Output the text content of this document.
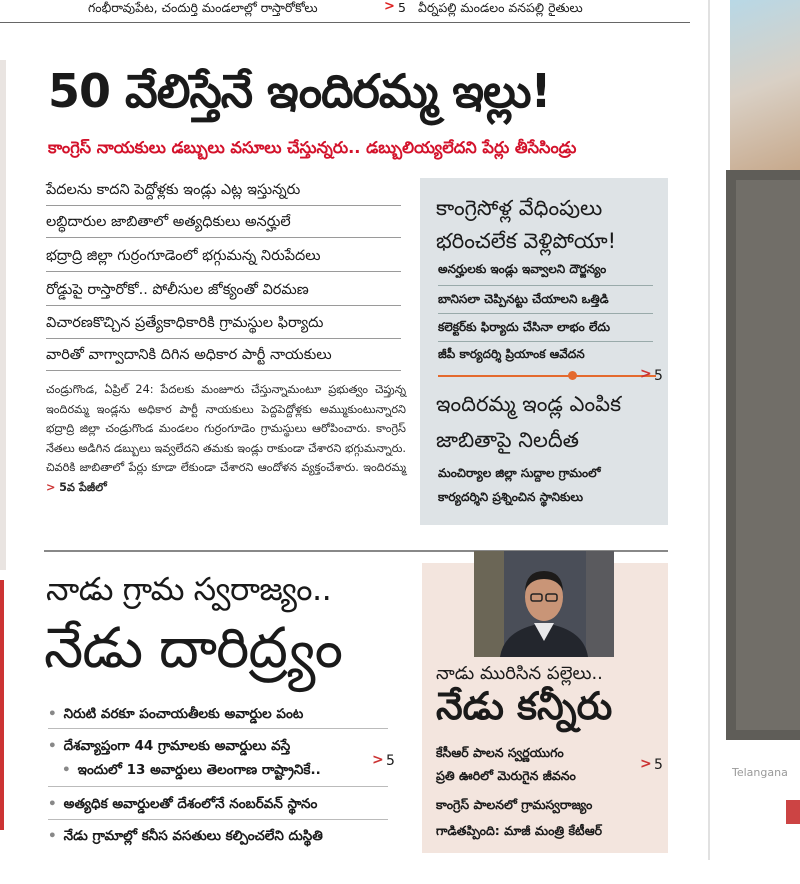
గంభీరావుపేట, చందుర్తి మండలాల్లో రాస్తారోకోలు	> 5 వీర్నపల్లి మండలం వనపల్లి రైతులు
50 వేలిస్తేనే ఇందిరమ్మ ఇల్లు!
కాంగ్రెస్ నాయకులు డబ్బులు వసూలు చేస్తున్నరు.. డబ్బులియ్యలేదని పేర్లు తీసేసిండ్రు
పేదలను కాదని పెద్దోళ్లకు ఇండ్లు ఎట్ల ఇస్తున్నరు
లబ్ధిదారుల జాబితాలో అత్యధికులు అనర్హులే
భద్రాద్రి జిల్లా గుర్రంగూడెంలో భగ్గుమన్న నిరుపేదలు
రోడ్డుపై రాస్తారోకో.. పోలీసుల జోక్యంతో విరమణ
విచారణకొచ్చిన ప్రత్యేకాధికారికి గ్రామస్థుల ఫిర్యాదు
వారితో వాగ్వాదానికి దిగిన అధికార పార్టీ నాయకులు
చండ్రుగొండ, ఏప్రిల్ 24: పేదలకు మంజూరు చేస్తున్నామంటూ ప్రభుత్వం చెప్తున్న ఇందిరమ్మ ఇండ్లను అధికార పార్టీ నాయకులు పెద్దపెద్దోళ్లకు అమ్ముకుంటున్నారని భద్రాద్రి జిల్లా చండ్రుగొండ మండలం గుర్రంగూడెం గ్రామస్థులు ఆరోపించారు. కాంగ్రెస్ నేతలు అడిగిన డబ్బులు ఇవ్వలేదని తమకు ఇండ్లు రాకుండా చేశారని భగ్గుమన్నారు. చివరికి జాబితాలో పేర్లు కూడా లేకుండా చేశారని ఆందోళన వ్యక్తంచేశారు. ఇందిరమ్మ > 5వ పేజీలో
కాంగ్రెసోళ్ల వేధింపులు భరించలేక వెళ్లిపోయా!
అనర్హులకు ఇండ్లు ఇవ్వాలని దౌర్జన్యం
బానిసలా చెప్పినట్టు చేయాలని ఒత్తిడి
కలెక్టర్‌కు ఫిర్యాదు చేసినా లాభం లేదు
జీపీ కార్యదర్శి ప్రియాంక ఆవేదన
> 5
ఇందిరమ్మ ఇండ్ల ఎంపిక జాబితాపై నిలదీత
మంచిర్యాల జిల్లా సుద్దాల గ్రామంలో
కార్యదర్శిని ప్రశ్నించిన స్థానికులు
నాడు గ్రామ స్వరాజ్యం..
నేడు దారిద్ర్యం
• నిరుటి వరకూ పంచాయతీలకు అవార్డుల పంట
• దేశవ్యాప్తంగా 44 గ్రామాలకు అవార్డులు వస్తే
• ఇందులో 13 అవార్డులు తెలంగాణ రాష్ట్రానికే..
> 5
• అత్యధిక అవార్డులతో దేశంలోనే నంబర్‌వన్ స్థానం
• నేడు గ్రామాల్లో కనీస వసతులు కల్పించలేని దుస్థితి
నాడు మురిసిన పల్లెలు..
నేడు కన్నీరు
కేసీఆర్ పాలన స్వర్ణయుగం
ప్రతి ఊరిలో మెరుగైన జీవనం
> 5
కాంగ్రెస్ పాలనలో గ్రామస్వరాజ్యం
గాడితప్పింది: మాజీ మంత్రి కేటీఆర్
Telangana
